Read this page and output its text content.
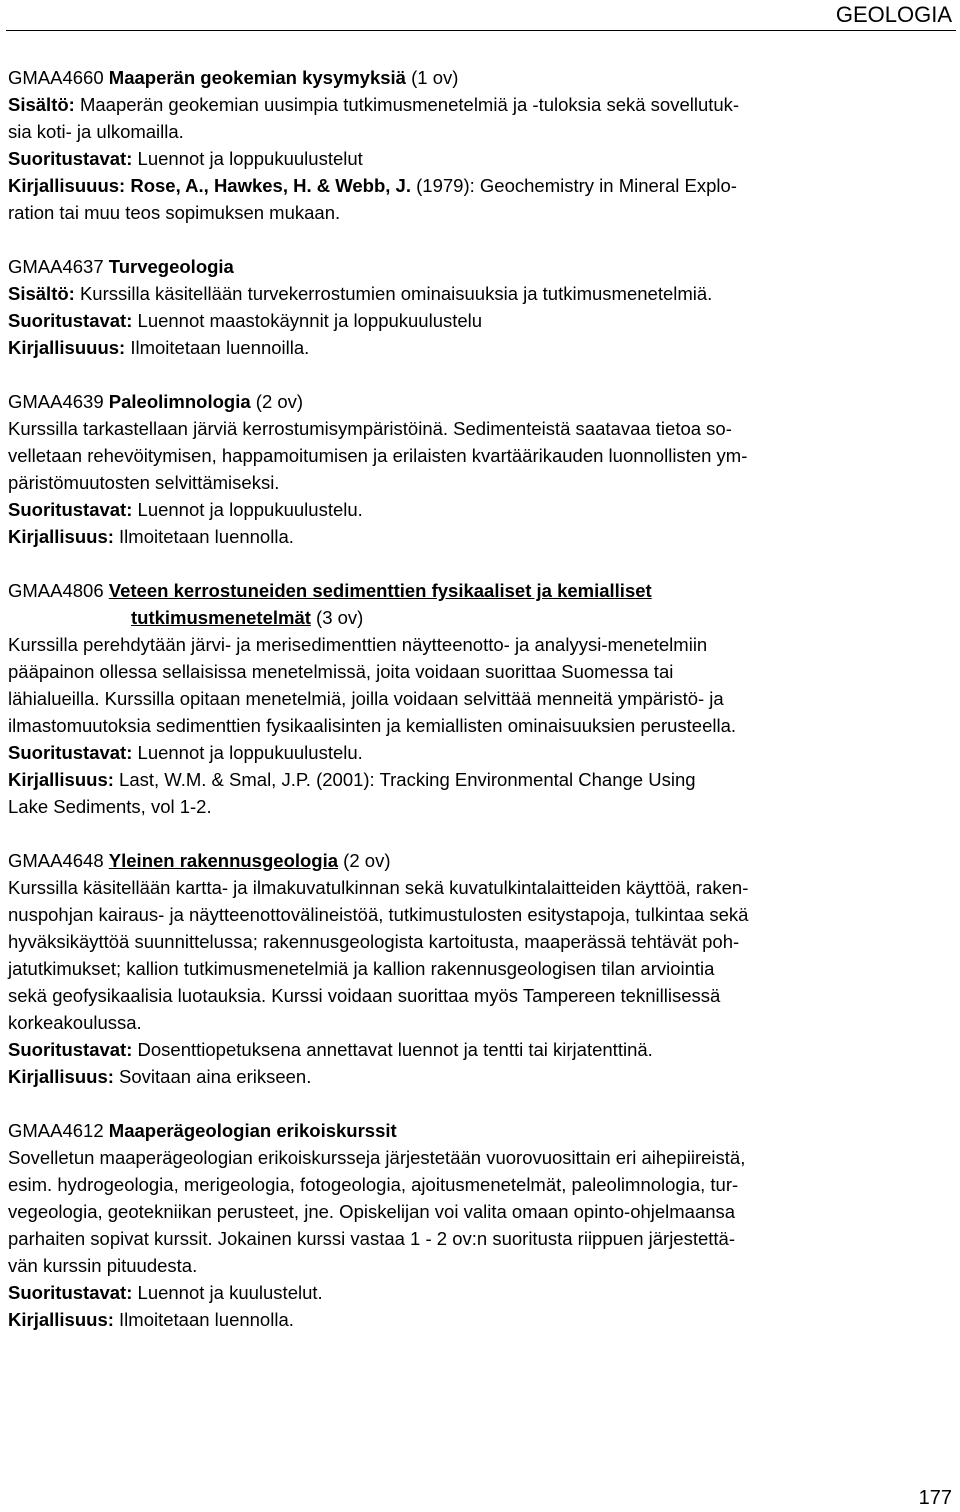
GEOLOGIA
GMAA4660 Maaperän geokemian kysymyksiä (1 ov)
Sisältö: Maaperän geokemian uusimpia tutkimusmenetelmiä ja -tuloksia sekä sovellutuk-
sia koti- ja ulkomailla.
Suoritustavat: Luennot ja loppukuulustelut
Kirjallisuuus: Rose, A., Hawkes, H. & Webb, J. (1979): Geochemistry in Mineral Explo-
ration tai muu teos sopimuksen mukaan.
GMAA4637 Turvegeologia
Sisältö: Kurssilla käsitellään turvekerrostumien ominaisuuksia ja tutkimusmenetelmiä.
Suoritustavat: Luennot maastokäynnit ja loppukuulustelu
Kirjallisuuus: Ilmoitetaan luennoilla.
GMAA4639 Paleolimnologia (2 ov)
Kurssilla tarkastellaan järviä kerrostumisympäristöinä. Sedimenteistä saatavaa tietoa so-
velletaan rehevöitymisen, happamoitumisen ja erilaisten kvartäärikauden luonnollisten ym-
päristömuutosten selvittämiseksi.
Suoritustavat: Luennot ja loppukuulustelu.
Kirjallisuus: Ilmoitetaan luennolla.
GMAA4806 Veteen kerrostuneiden sedimenttien fysikaaliset ja kemialliset
tutkimusmenetelmät (3 ov)
Kurssilla perehdytään järvi- ja merisedimenttien näytteenotto- ja analyysi-menetelmiin
pääpainon ollessa sellaisissa menetelmissä, joita voidaan suorittaa Suomessa tai
lähialueilla. Kurssilla opitaan menetelmiä, joilla voidaan selvittää menneitä ympäristö- ja
ilmastomuutoksia sedimenttien fysikaalisinten ja kemiallisten ominaisuuksien perusteella.
Suoritustavat: Luennot ja loppukuulustelu.
Kirjallisuus: Last, W.M. & Smal, J.P. (2001): Tracking Environmental Change Using
Lake Sediments, vol 1-2.
GMAA4648 Yleinen rakennusgeologia (2 ov)
Kurssilla käsitellään kartta- ja ilmakuvatulkinnan sekä kuvatulkintalaitteiden käyttöä, raken-
nuspohjan kairaus- ja näytteenottovälineistöä, tutkimustulosten esitystapoja, tulkintaa sekä
hyväksikäyttöä suunnittelussa; rakennusgeologista kartoitusta, maaperässä tehtävät poh-
jatutkimukset; kallion tutkimusmenetelmiä ja kallion rakennusgeologisen tilan arviointia
sekä geofysikaalisia luotauksia. Kurssi voidaan suorittaa myös Tampereen teknillisessä
korkeakoulussa.
Suoritustavat: Dosenttiopetuksena annettavat luennot ja tentti tai kirjatenttinä.
Kirjallisuus: Sovitaan aina erikseen.
GMAA4612 Maaperägeologian erikoiskurssit
Sovelletun maaperägeologian erikoiskursseja järjestetään vuorovuosittain eri aihepiireistä,
esim. hydrogeologia, merigeologia, fotogeologia, ajoitusmenetelmät, paleolimnologia, tur-
vegeologia, geotekniikan perusteet, jne. Opiskelijan voi valita omaan opinto-ohjelmaansa
parhaiten sopivat kurssit. Jokainen kurssi vastaa 1 - 2 ov:n suoritusta riippuen järjestettä-
vän kurssin pituudesta.
Suoritustavat: Luennot ja kuulustelut.
Kirjallisuus: Ilmoitetaan luennolla.
177
